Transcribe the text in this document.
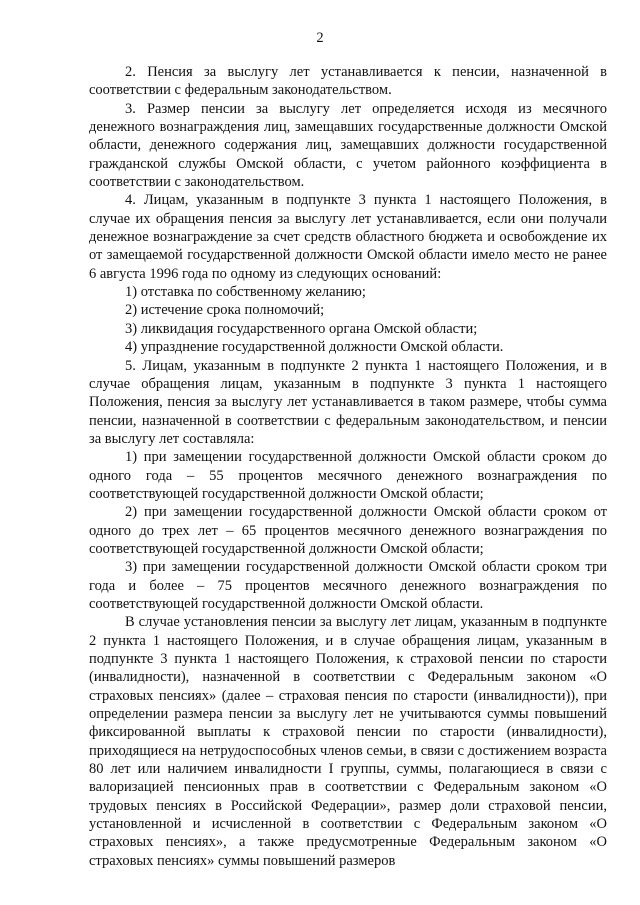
2

2. Пенсия за выслугу лет устанавливается к пенсии, назначенной в соответствии с федеральным законодательством.

3. Размер пенсии за выслугу лет определяется исходя из месячного денежного вознаграждения лиц, замещавших государственные должности Омской области, денежного содержания лиц, замещавших должности государственной гражданской службы Омской области, с учетом районного коэффициента в соответствии с законодательством.

4. Лицам, указанным в подпункте 3 пункта 1 настоящего Положения, в случае их обращения пенсия за выслугу лет устанавливается, если они получали денежное вознаграждение за счет средств областного бюджета и освобождение их от замещаемой государственной должности Омской области имело место не ранее 6 августа 1996 года по одному из следующих оснований:

1) отставка по собственному желанию;

2) истечение срока полномочий;

3) ликвидация государственного органа Омской области;

4) упразднение государственной должности Омской области.

5. Лицам, указанным в подпункте 2 пункта 1 настоящего Положения, и в случае обращения лицам, указанным в подпункте 3 пункта 1 настоящего Положения, пенсия за выслугу лет устанавливается в таком размере, чтобы сумма пенсии, назначенной в соответствии с федеральным законодательством, и пенсии за выслугу лет составляла:

1) при замещении государственной должности Омской области сроком до одного года – 55 процентов месячного денежного вознаграждения по соответствующей государственной должности Омской области;

2) при замещении государственной должности Омской области сроком от одного до трех лет – 65 процентов месячного денежного вознаграждения по соответствующей государственной должности Омской области;

3) при замещении государственной должности Омской области сроком три года и более – 75 процентов месячного денежного вознаграждения по соответствующей государственной должности Омской области.

В случае установления пенсии за выслугу лет лицам, указанным в подпункте 2 пункта 1 настоящего Положения, и в случае обращения лицам, указанным в подпункте 3 пункта 1 настоящего Положения, к страховой пенсии по старости (инвалидности), назначенной в соответствии с Федеральным законом «О страховых пенсиях» (далее – страховая пенсия по старости (инвалидности)), при определении размера пенсии за выслугу лет не учитываются суммы повышений фиксированной выплаты к страховой пенсии по старости (инвалидности), приходящиеся на нетрудоспособных членов семьи, в связи с достижением возраста 80 лет или наличием инвалидности I группы, суммы, полагающиеся в связи с валоризацией пенсионных прав в соответствии с Федеральным законом «О трудовых пенсиях в Российской Федерации», размер доли страховой пенсии, установленной и исчисленной в соответствии с Федеральным законом «О страховых пенсиях», а также предусмотренные Федеральным законом «О страховых пенсиях» суммы повышений размеров
